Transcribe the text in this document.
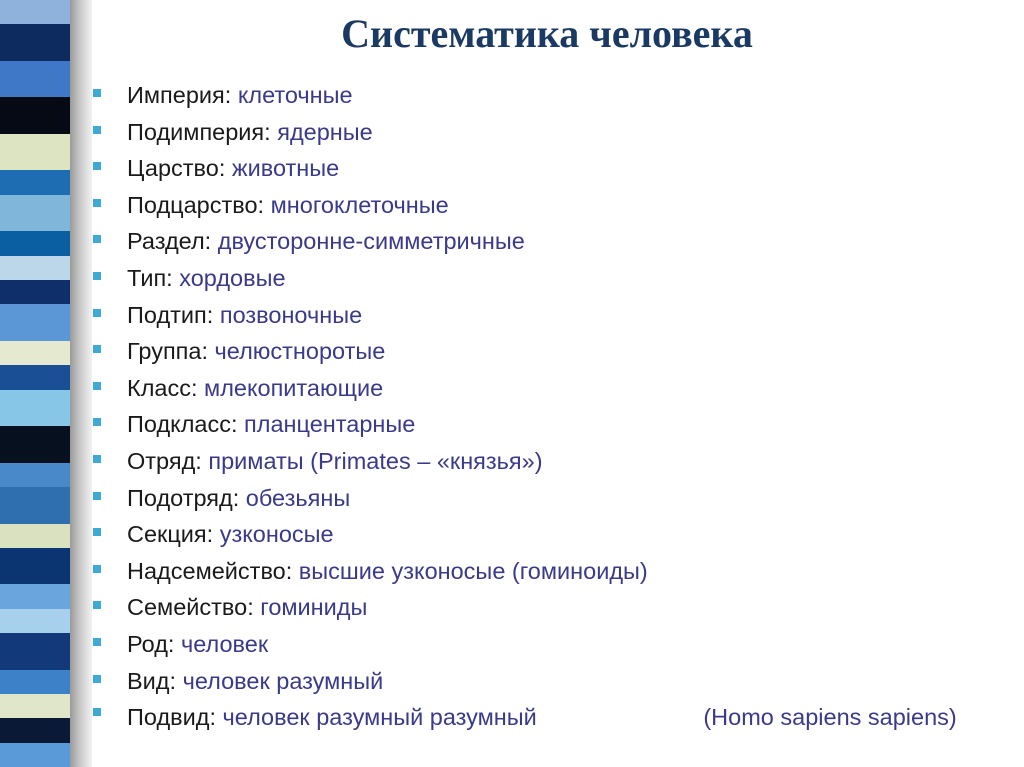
Систематика человека
Империя: клеточные
Подимперия: ядерные
Царство: животные
Подцарство: многоклеточные
Раздел: двусторонне-симметричные
Тип: хордовые
Подтип: позвоночные
Группа: челюстноротые
Класс: млекопитающие
Подкласс: планцентарные
Отряд: приматы (Primates – «князья»)
Подотряд: обезьяны
Секция: узконосые
Надсемейство: высшие узконосые (гоминоиды)
Семейство: гоминиды
Род: человек
Вид: человек разумный
Подвид: человек разумный разумный	(Homo sapiens sapiens)
